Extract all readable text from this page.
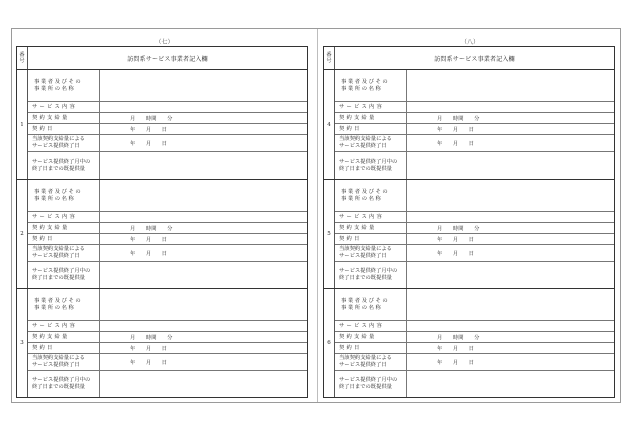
（七）
番
号	訪問系サービス事業者記入欄
1
事業者及びその
事業所の名称
サービス内容
契約支給量	月　　時間　　分
契約日	年　　月　　日
当該契約支給量による
サービス提供終了日	年　　月　　日
サービス提供終了月中の
終了日までの既提供量
2
事業者及びその
事業所の名称
サービス内容
契約支給量	月　　時間　　分
契約日	年　　月　　日
当該契約支給量による
サービス提供終了日	年　　月　　日
サービス提供終了月中の
終了日までの既提供量
3
事業者及びその
事業所の名称
サービス内容
契約支給量	月　　時間　　分
契約日	年　　月　　日
当該契約支給量による
サービス提供終了日	年　　月　　日
サービス提供終了月中の
終了日までの既提供量
（八）
番
号	訪問系サービス事業者記入欄
4
事業者及びその
事業所の名称
サービス内容
契約支給量	月　　時間　　分
契約日	年　　月　　日
当該契約支給量による
サービス提供終了日	年　　月　　日
サービス提供終了月中の
終了日までの既提供量
5
事業者及びその
事業所の名称
サービス内容
契約支給量	月　　時間　　分
契約日	年　　月　　日
当該契約支給量による
サービス提供終了日	年　　月　　日
サービス提供終了月中の
終了日までの既提供量
6
事業者及びその
事業所の名称
サービス内容
契約支給量	月　　時間　　分
契約日	年　　月　　日
当該契約支給量による
サービス提供終了日	年　　月　　日
サービス提供終了月中の
終了日までの既提供量
